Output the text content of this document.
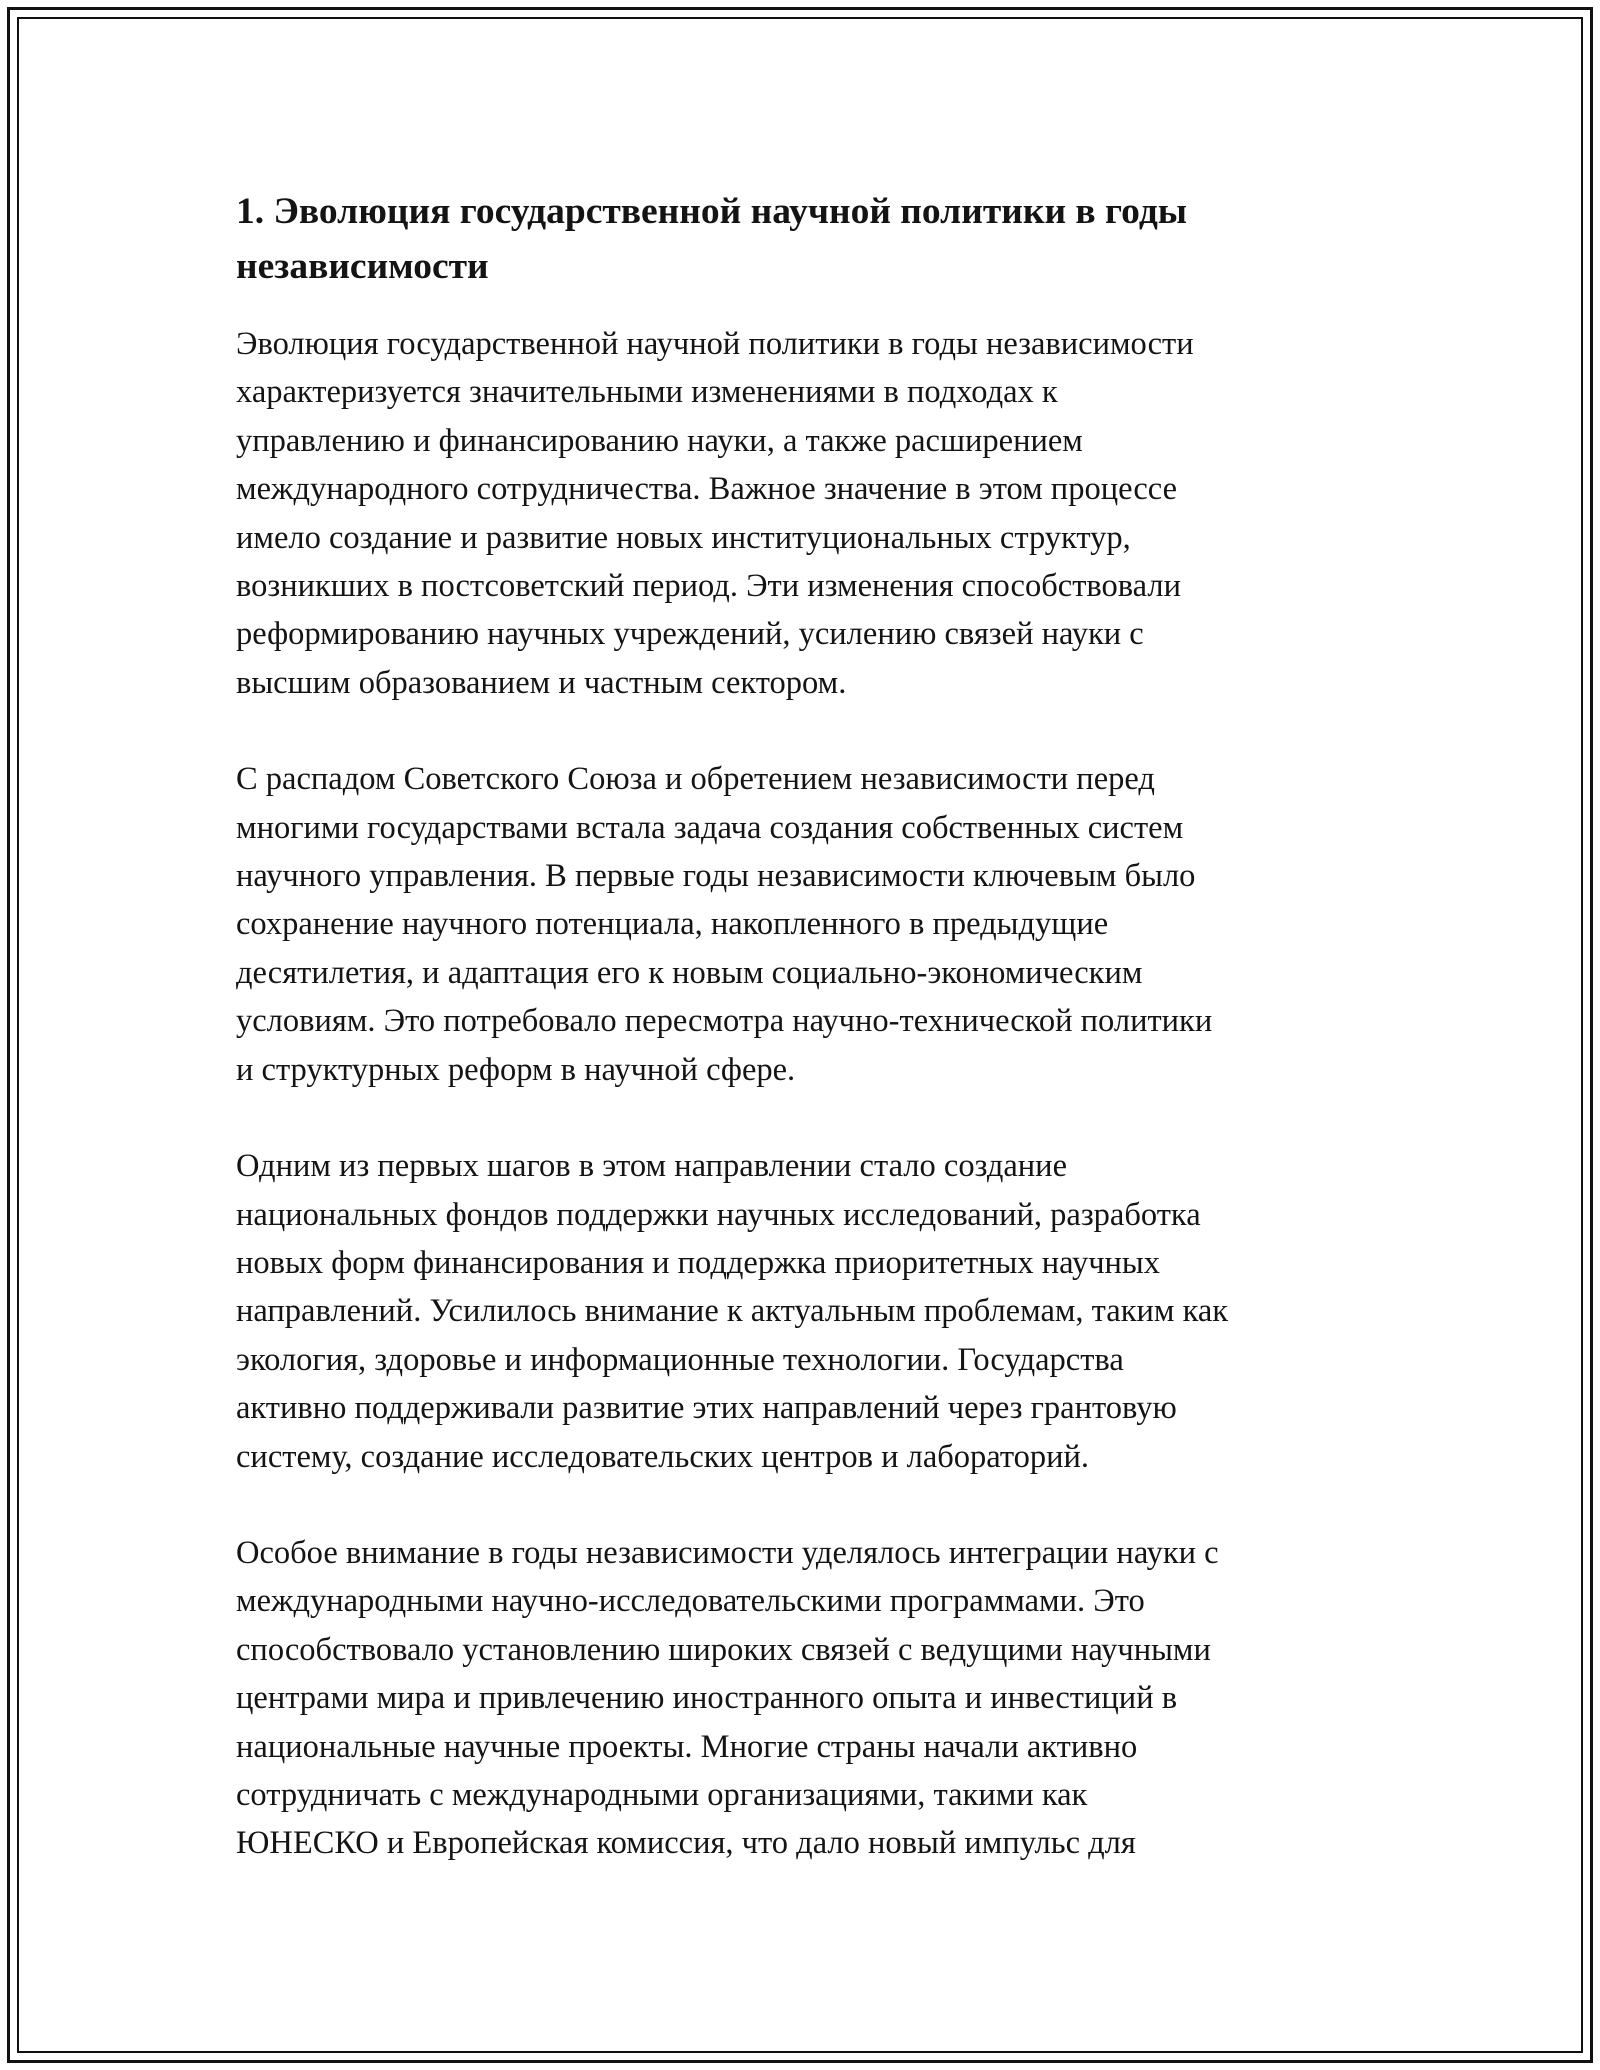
1. Эволюция государственной научной политики в годы
независимости

Эволюция государственной научной политики в годы независимости
характеризуется значительными изменениями в подходах к
управлению и финансированию науки, а также расширением
международного сотрудничества. Важное значение в этом процессе
имело создание и развитие новых институциональных структур,
возникших в постсоветский период. Эти изменения способствовали
реформированию научных учреждений, усилению связей науки с
высшим образованием и частным сектором.

С распадом Советского Союза и обретением независимости перед
многими государствами встала задача создания собственных систем
научного управления. В первые годы независимости ключевым было
сохранение научного потенциала, накопленного в предыдущие
десятилетия, и адаптация его к новым социально-экономическим
условиям. Это потребовало пересмотра научно-технической политики
и структурных реформ в научной сфере.

Одним из первых шагов в этом направлении стало создание
национальных фондов поддержки научных исследований, разработка
новых форм финансирования и поддержка приоритетных научных
направлений. Усилилось внимание к актуальным проблемам, таким как
экология, здоровье и информационные технологии. Государства
активно поддерживали развитие этих направлений через грантовую
систему, создание исследовательских центров и лабораторий.

Особое внимание в годы независимости уделялось интеграции науки с
международными научно-исследовательскими программами. Это
способствовало установлению широких связей с ведущими научными
центрами мира и привлечению иностранного опыта и инвестиций в
национальные научные проекты. Многие страны начали активно
сотрудничать с международными организациями, такими как
ЮНЕСКО и Европейская комиссия, что дало новый импульс для
